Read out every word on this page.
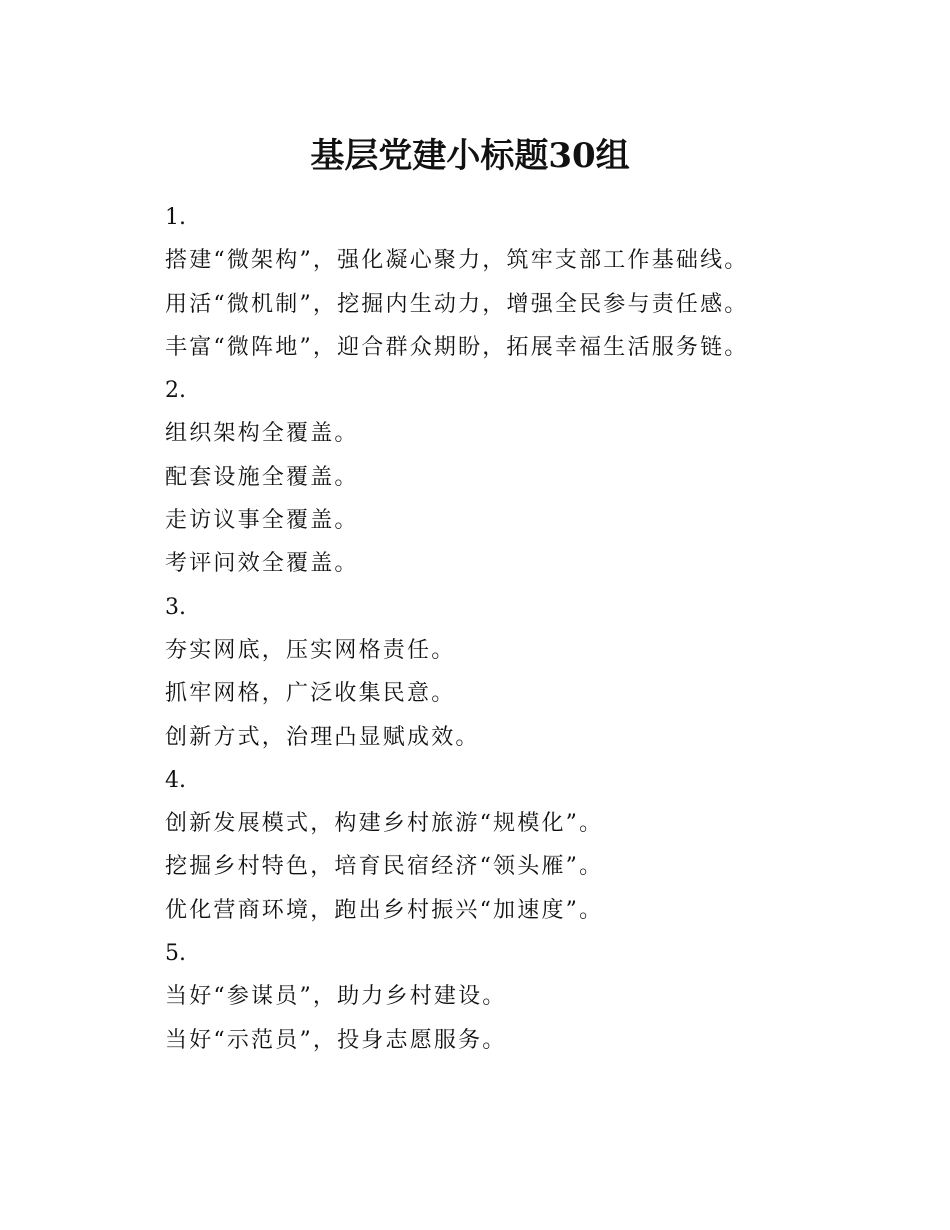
基层党建小标题30组
1.
搭建“微架构”，强化凝心聚力，筑牢支部工作基础线。
用活“微机制”，挖掘内生动力，增强全民参与责任感。
丰富“微阵地”，迎合群众期盼，拓展幸福生活服务链。
2.
组织架构全覆盖。
配套设施全覆盖。
走访议事全覆盖。
考评问效全覆盖。
3.
夯实网底，压实网格责任。
抓牢网格，广泛收集民意。
创新方式，治理凸显赋成效。
4.
创新发展模式，构建乡村旅游“规模化”。
挖掘乡村特色，培育民宿经济“领头雁”。
优化营商环境，跑出乡村振兴“加速度”。
5.
当好“参谋员”，助力乡村建设。
当好“示范员”，投身志愿服务。
